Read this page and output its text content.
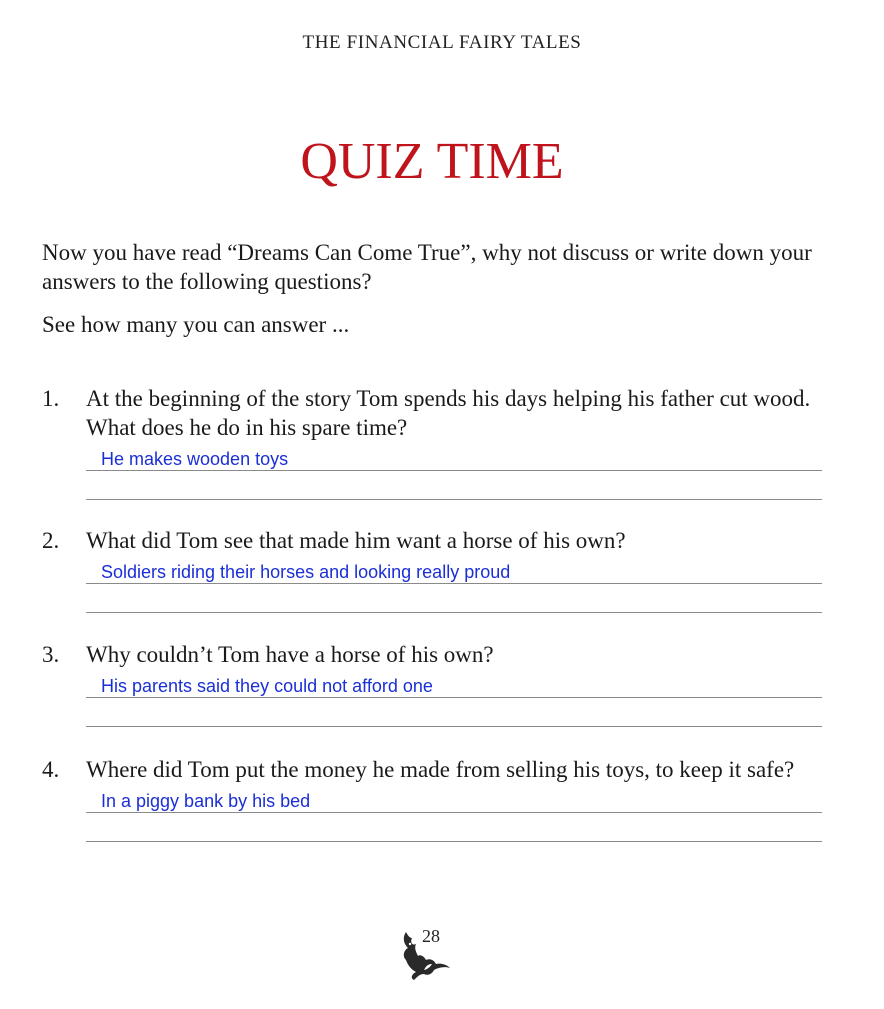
THE FINANCIAL FAIRY TALES
QUIZ TIME

Now you have read “Dreams Can Come True”, why not discuss or write down your answers to the following questions?

See how many you can answer ...

1.	At the beginning of the story Tom spends his days helping his father cut wood. What does he do in his spare time?
He makes wooden toys
2.	What did Tom see that made him want a horse of his own?
Soldiers riding their horses and looking really proud
3.	Why couldn’t Tom have a horse of his own?
His parents said they could not afford one
4.	Where did Tom put the money he made from selling his toys, to keep it safe?
In a piggy bank by his bed
28
